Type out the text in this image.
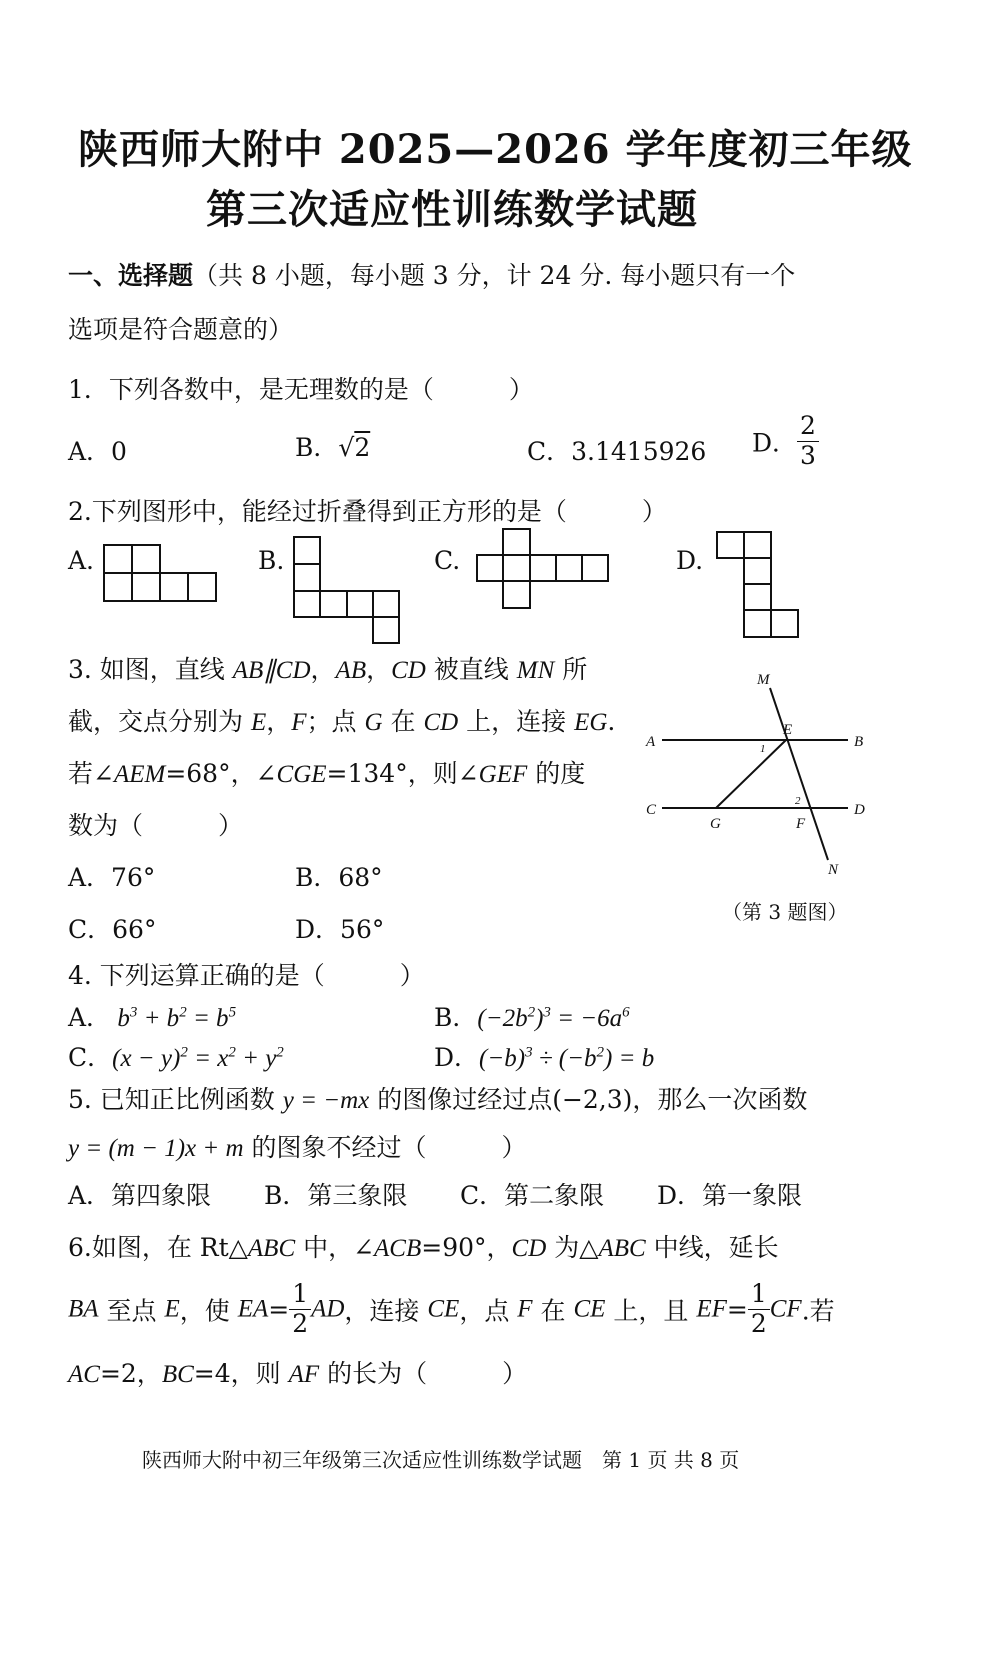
陕西师大附中 2025—2026 学年度初三年级
第三次适应性训练数学试题
一、选择题（共 8 小题，每小题 3 分，计 24 分. 每小题只有一个
选项是符合题意的）
1．下列各数中，是无理数的是（　　　）
A．0	B．√2	C．3.1415926 D． $\frac{2}{3}$
2.下列图形中，能经过折叠得到正方形的是（　　　）
A.	B.	C.	D.
3. 如图，直线 AB∥CD，AB，CD 被直线 MN 所
截，交点分别为 E，F；点 G 在 CD 上，连接 EG.
若∠AEM=68°，∠CGE=134°，则∠GEF 的度
数为（　　　）
A．76°	B．68°
C．66°	D．56°
M
A
E
B
C
G	F
D
N
1
2
（第 3 题图）
4. 下列运算正确的是（　　　）
A． $b^3 + b^2 = b^5$	B．$(-2b^2)^3 = -6a^6$
C．$(x - y)^2 = x^2 + y^2$	D．$(-b)^3 \div (-b^2) = b$
5. 已知正比例函数 y = −mx 的图像过经过点(−2,3)，那么一次函数
y = (m − 1)x + m 的图象不经过（　　　）
A．第四象限 B．第三象限 C．第二象限 D．第一象限
6.如图，在 Rt△ABC 中，∠ACB=90°，CD 为△ABC 中线，延长
BA 至点 E，使 $EA= \frac{1}{2}$ AD，连接 CE，点 F 在 CE 上，且 $EF= \frac{1}{2}$ CF.若
AC=2，BC=4，则 AF 的长为（　　　）
陕西师大附中初三年级第三次适应性训练数学试题　第 1 页 共 8 页
